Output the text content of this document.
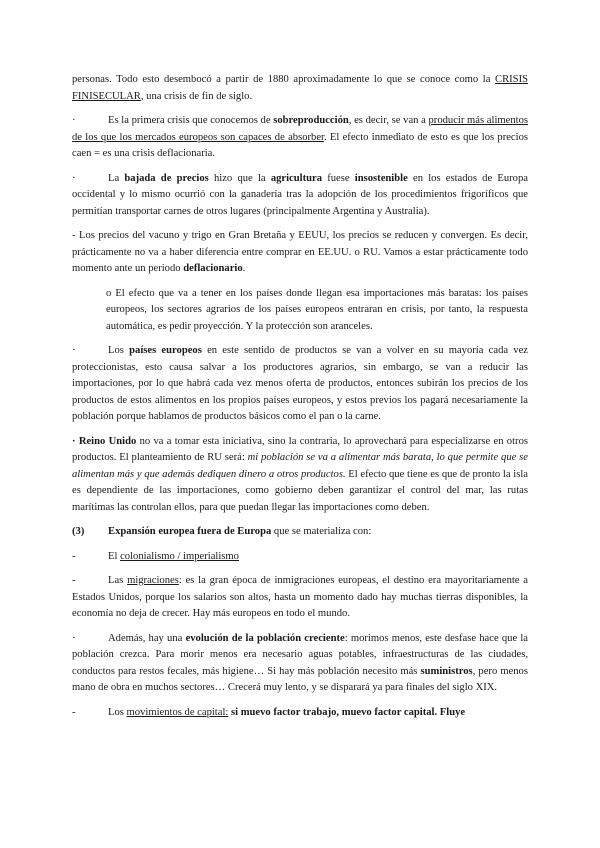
personas. Todo esto desembocó a partir de 1880 aproximadamente lo que se conoce como la CRISIS FINISECULAR, una crisis de fin de siglo.

·	Es la primera crisis que conocemos de sobreproducción, es decir, se van a producir más alimentos de los que los mercados europeos son capaces de absorber. El efecto inmediato de esto es que los precios caen = es una crisis deflacionaria.

·	La bajada de precios hizo que la agricultura fuese insostenible en los estados de Europa occidental y lo mismo ocurrió con la ganadería tras la adopción de los procedimientos frigoríficos que permitían transportar carnes de otros lugares (principalmente Argentina y Australia).

- Los precios del vacuno y trigo en Gran Bretaña y EEUU, los precios se reducen y convergen. Es decir, prácticamente no va a haber diferencia entre comprar en EE.UU. o RU. Vamos a estar prácticamente todo momento ante un periodo deflacionario.

o El efecto que va a tener en los países donde llegan esa importaciones más baratas: los países europeos, los sectores agrarios de los países europeos entraran en crisis, por tanto, la respuesta automática, es pedir proyección. Y la protección son aranceles.

·	Los países europeos en este sentido de productos se van a volver en su mayoría cada vez proteccionistas, esto causa salvar a los productores agrarios, sin embargo, se van a reducir las importaciones, por lo que habrá cada vez menos oferta de productos, entonces subirán los precios de los productos de estos alimentos en los propios países europeos, y estos previos los pagará necesariamente la población porque hablamos de productos básicos como el pan o la carne.

· Reino Unido no va a tomar esta iniciativa, sino la contraria, lo aprovechará para especializarse en otros productos. El planteamiento de RU será: mi población se va a alimentar más barata, lo que permite que se alimentan más y que además dediquen dinero a otros productos. El efecto que tiene es que de pronto la isla es dependiente de las importaciones, como gobierno deben garantizar el control del mar, las rutas marítimas las controlan ellos, para que puedan llegar las importaciones como deben.

(3) Expansión europea fuera de Europa que se materializa con:

-	El colonialismo / imperialismo

-	Las migraciones: es la gran época de inmigraciones europeas, el destino era mayoritariamente a Estados Unidos, porque los salarios son altos, hasta un momento dado hay muchas tierras disponibles, la economía no deja de crecer. Hay más europeos en todo el mundo.

·	Además, hay una evolución de la población creciente: morimos menos, este desfase hace que la población crezca. Para morir menos era necesario aguas potables, infraestructuras de las ciudades, conductos para restos fecales, más higiene… Si hay más población necesito más suministros, pero menos mano de obra en muchos sectores… Crecerá muy lento, y se disparará ya para finales del siglo XIX.

-	Los movimientos de capital: si muevo factor trabajo, muevo factor capital. Fluye
